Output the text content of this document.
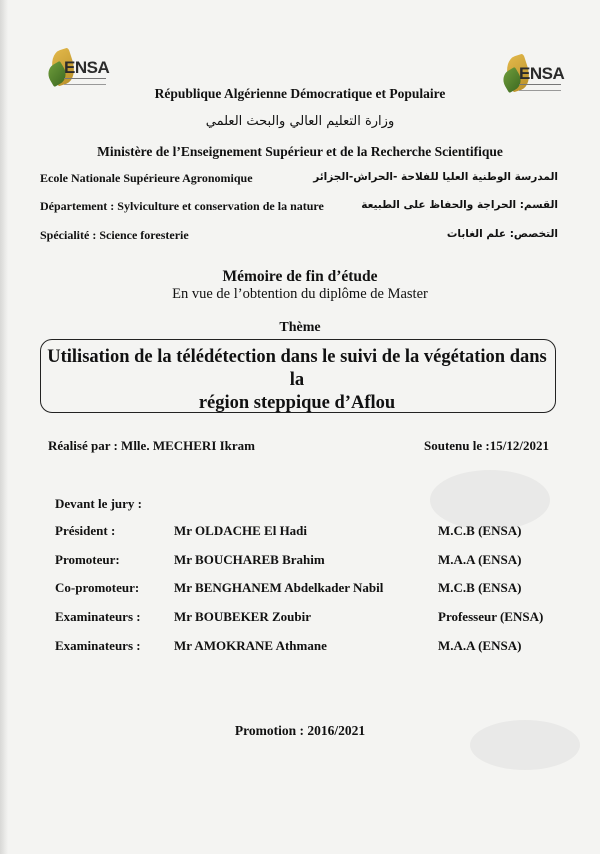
ENSA	ENSA
République Algérienne Démocratique et Populaire
وزارة التعليم العالي والبحث العلمي
Ministère de l’Enseignement Supérieur et de la Recherche Scientifique
Ecole Nationale Supérieure Agronomique	المدرسة الوطنية العليا للفلاحة -الحراش-الجزائر
Département : Sylviculture et conservation de la nature	القسم: الحراجة والحفاظ على الطبيعة
Spécialité : Science foresterie	التخصص: علم الغابات
Mémoire de fin d’étude
En vue de l’obtention du diplôme de Master
Thème
Utilisation de la télédétection dans le suivi de la végétation dans la
région steppique d’Aflou
Réalisé par : Mlle. MECHERI Ikram	Soutenu le :15/12/2021
Devant le jury :
Président :	Mr OLDACHE El Hadi	M.C.B (ENSA)
Promoteur:	Mr BOUCHAREB Brahim	M.A.A (ENSA)
Co-promoteur:	Mr BENGHANEM Abdelkader Nabil	M.C.B (ENSA)
Examinateurs :	Mr BOUBEKER Zoubir	Professeur (ENSA)
Examinateurs :	Mr AMOKRANE Athmane	M.A.A (ENSA)
Promotion : 2016/2021
